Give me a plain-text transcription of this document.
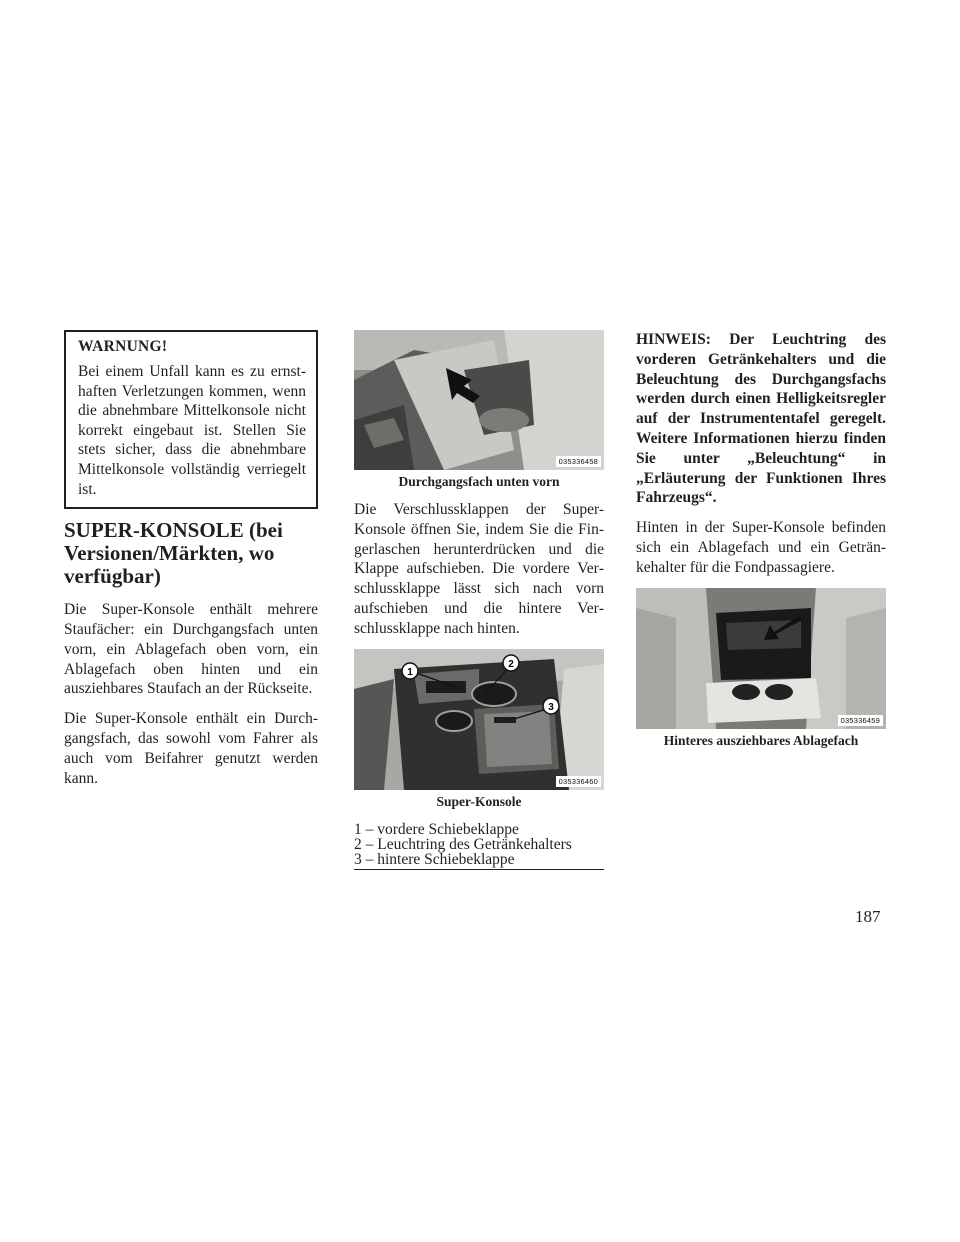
WARNUNG!

Bei einem Unfall kann es zu ernsthaften Verletzungen kommen, wenn die abnehmbare Mittelkonsole nicht korrekt eingebaut ist. Stellen Sie stets sicher, dass die abnehmbare Mittelkonsole vollständig verriegelt ist.

SUPER-KONSOLE (bei Versionen/Märkten, wo verfügbar)

Die Super-Konsole enthält mehrere Staufächer: ein Durchgangsfach unten vorn, ein Ablagefach oben vorn, ein Ablagefach oben hinten und ein ausziehbares Staufach an der Rückseite.

Die Super-Konsole enthält ein Durchgangsfach, das sowohl vom Fahrer als auch vom Beifahrer genutzt werden kann.

035336458
Durchgangsfach unten vorn

Die Verschlussklappen der Super-Konsole öffnen Sie, indem Sie die Fingerlaschen herunterdrücken und die Klappe aufschieben. Die vordere Verschlussklappe lässt sich nach vorn aufschieben und die hintere Verschlussklappe nach hinten.

1
2
3
035336460
Super-Konsole
1 – vordere Schiebeklappe
2 – Leuchtring des Getränkehalters
3 – hintere Schiebeklappe

HINWEIS: Der Leuchtring des vorderen Getränkehalters und die Beleuchtung des Durchgangsfachs werden durch einen Helligkeitsregler auf der Instrumententafel geregelt. Weitere Informationen hierzu finden Sie unter „Beleuchtung“ in „Erläuterung der Funktionen Ihres Fahrzeugs“.

Hinten in der Super-Konsole befinden sich ein Ablagefach und ein Getränkehalter für die Fondpassagiere.

035336459
Hinteres ausziehbares Ablagefach
187
